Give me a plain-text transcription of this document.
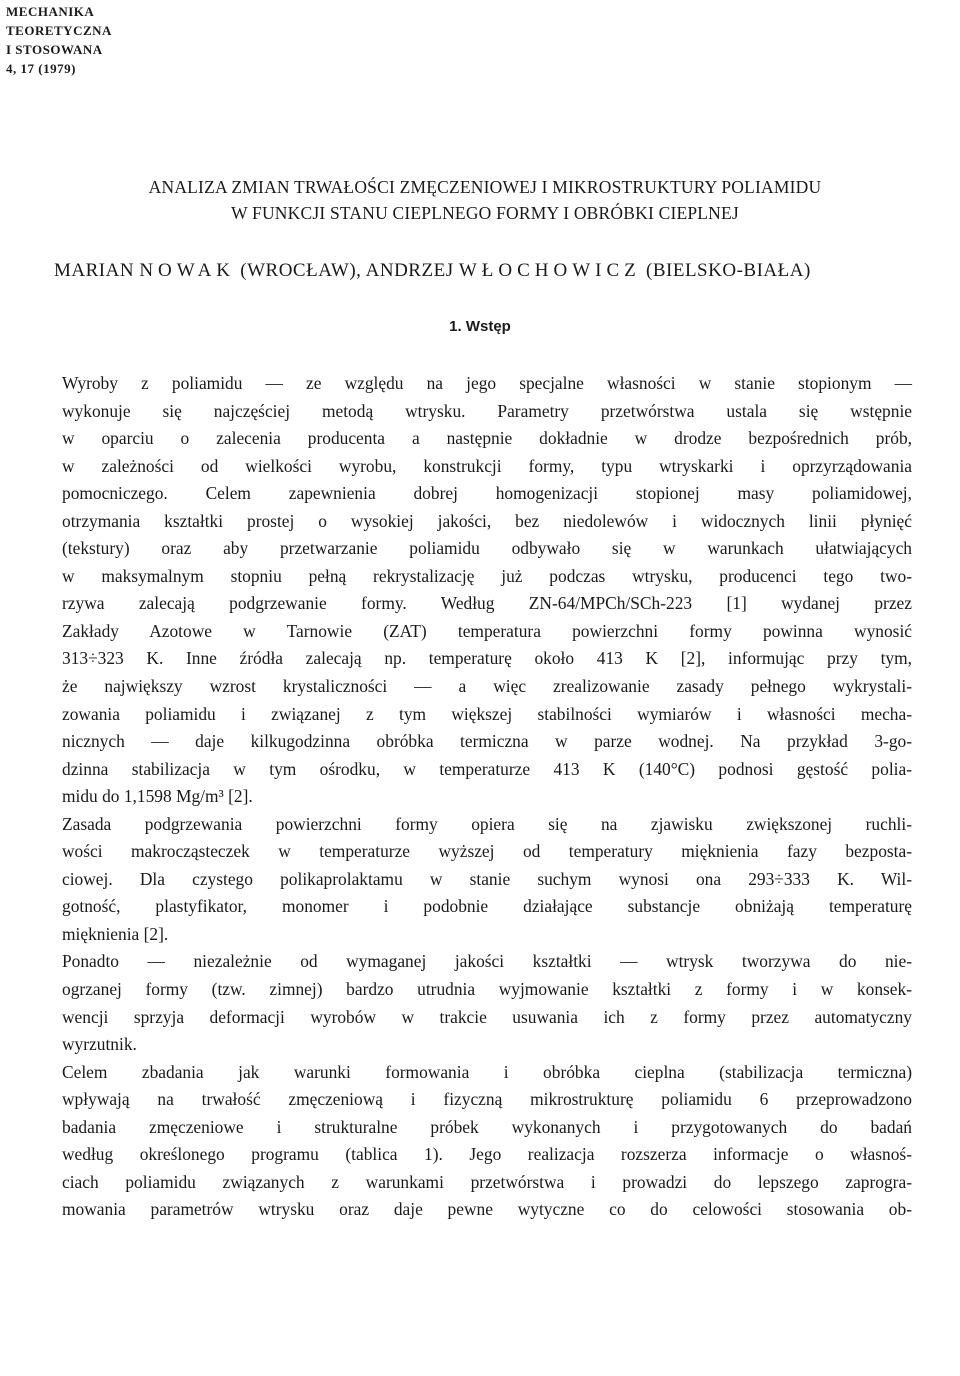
MECHANIKA
TEORETYCZNA
I STOSOWANA
4, 17 (1979)
ANALIZA ZMIAN TRWAŁOŚCI ZMĘCZENIOWEJ I MIKROSTRUKTURY POLIAMIDU
W FUNKCJI STANU CIEPLNEGO FORMY I OBRÓBKI CIEPLNEJ
MARIAN NOWAK (WROCŁAW), ANDRZEJ WŁOCHOWICZ (BIELSKO-BIAŁA)
1. Wstęp
Wyroby z poliamidu — ze względu na jego specjalne własności w stanie stopionym —
wykonuje się najczęściej metodą wtrysku. Parametry przetwórstwa ustala się wstępnie
w oparciu o zalecenia producenta a następnie dokładnie w drodze bezpośrednich prób,
w zależności od wielkości wyrobu, konstrukcji formy, typu wtryskarki i oprzyrządowania
pomocniczego. Celem zapewnienia dobrej homogenizacji stopionej masy poliamidowej,
otrzymania kształtki prostej o wysokiej jakości, bez niedolewów i widocznych linii płynięć
(tekstury) oraz aby przetwarzanie poliamidu odbywało się w warunkach ułatwiających
w maksymalnym stopniu pełną rekrystalizację już podczas wtrysku, producenci tego two-
rzywa zalecają podgrzewanie formy. Według ZN-64/MPCh/SCh-223 [1] wydanej przez
Zakłady Azotowe w Tarnowie (ZAT) temperatura powierzchni formy powinna wynosić
313÷323 K. Inne źródła zalecają np. temperaturę około 413 K [2], informując przy tym,
że największy wzrost krystaliczności — a więc zrealizowanie zasady pełnego wykrystali-
zowania poliamidu i związanej z tym większej stabilności wymiarów i własności mecha-
nicznych — daje kilkugodzinna obróbka termiczna w parze wodnej. Na przykład 3-go-
dzinna stabilizacja w tym ośrodku, w temperaturze 413 K (140°C) podnosi gęstość polia-
midu do 1,1598 Mg/m³ [2].
Zasada podgrzewania powierzchni formy opiera się na zjawisku zwiększonej ruchli-
wości makrocząsteczek w temperaturze wyższej od temperatury mięknienia fazy bezposta-
ciowej. Dla czystego polikaprolaktamu w stanie suchym wynosi ona 293÷333 K. Wil-
gotność, plastyfikator, monomer i podobnie działające substancje obniżają temperaturę
mięknienia [2].
Ponadto — niezależnie od wymaganej jakości kształtki — wtrysk tworzywa do nie-
ogrzanej formy (tzw. zimnej) bardzo utrudnia wyjmowanie kształtki z formy i w konsek-
wencji sprzyja deformacji wyrobów w trakcie usuwania ich z formy przez automatyczny
wyrzutnik.
Celem zbadania jak warunki formowania i obróbka cieplna (stabilizacja termiczna)
wpływają na trwałość zmęczeniową i fizyczną mikrostrukturę poliamidu 6 przeprowadzono
badania zmęczeniowe i strukturalne próbek wykonanych i przygotowanych do badań
według określonego programu (tablica 1). Jego realizacja rozszerza informacje o własnoś-
ciach poliamidu związanych z warunkami przetwórstwa i prowadzi do lepszego zaprogra-
mowania parametrów wtrysku oraz daje pewne wytyczne co do celowości stosowania ob-
